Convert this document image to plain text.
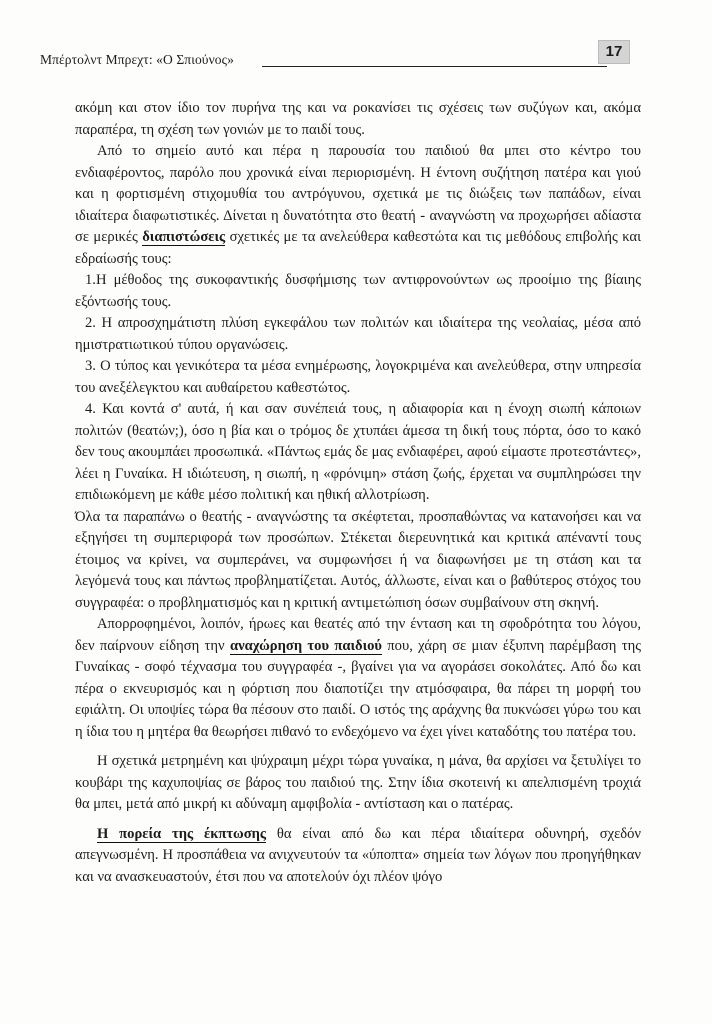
Μπέρτολντ Μπρεχτ: «Ο Σπιούνος»	17

ακόμη και στον ίδιο τον πυρήνα της και να ροκανίσει τις σχέσεις των συζύγων και, ακόμα παραπέρα, τη σχέση των γονιών με το παιδί τους.

Από το σημείο αυτό και πέρα η παρουσία του παιδιού θα μπει στο κέντρο του ενδιαφέροντος, παρόλο που χρονικά είναι περιορισμένη. Η έντονη συζήτηση πατέρα και γιού και η φορτισμένη στιχομυθία του αντρόγυνου, σχετικά με τις διώξεις των παπάδων, είναι ιδιαίτερα διαφωτιστικές. Δίνεται η δυνατότητα στο θεατή - αναγνώστη να προχωρήσει αδίαστα σε μερικές διαπιστώσεις σχετικές με τα ανελεύθερα καθεστώτα και τις μεθόδους επιβολής και εδραίωσής τους:

1.Η μέθοδος της συκοφαντικής δυσφήμισης των αντιφρονούντων ως προοίμιο της βίαιης εξόντωσής τους.

2. Η απροσχημάτιστη πλύση εγκεφάλου των πολιτών και ιδιαίτερα της νεολαίας, μέσα από ημιστρατιωτικού τύπου οργανώσεις.

3. Ο τύπος και γενικότερα τα μέσα ενημέρωσης, λογοκριμένα και ανελεύθερα, στην υπηρεσία του ανεξέλεγκτου και αυθαίρετου καθεστώτος.

4. Και κοντά σ' αυτά, ή και σαν συνέπειά τους, η αδιαφορία και η ένοχη σιωπή κάποιων πολιτών (θεατών;), όσο η βία και ο τρόμος δε χτυπάει άμεσα τη δική τους πόρτα, όσο το κακό δεν τους ακουμπάει προσωπικά. «Πάντως εμάς δε μας ενδιαφέρει, αφού είμαστε προτεστάντες», λέει η Γυναίκα. Η ιδιώτευση, η σιωπή, η «φρόνιμη» στάση ζωής, έρχεται να συμπληρώσει την επιδιωκόμενη με κάθε μέσο πολιτική και ηθική αλλοτρίωση.

Όλα τα παραπάνω ο θεατής - αναγνώστης τα σκέφτεται, προσπαθώντας να κατανοήσει και να εξηγήσει τη συμπεριφορά των προσώπων. Στέκεται διερευνητικά και κριτικά απέναντί τους έτοιμος να κρίνει, να συμπεράνει, να συμφωνήσει ή να διαφωνήσει με τη στάση και τα λεγόμενά τους και πάντως προβληματίζεται. Αυτός, άλλωστε, είναι και ο βαθύτερος στόχος του συγγραφέα: ο προβληματισμός και η κριτική αντιμετώπιση όσων συμβαίνουν στη σκηνή.

Απορροφημένοι, λοιπόν, ήρωες και θεατές από την ένταση και τη σφοδρότητα του λόγου, δεν παίρνουν είδηση την αναχώρηση του παιδιού που, χάρη σε μιαν έξυπνη παρέμβαση της Γυναίκας - σοφό τέχνασμα του συγγραφέα -, βγαίνει για να αγοράσει σοκολάτες. Από δω και πέρα ο εκνευρισμός και η φόρτιση που διαποτίζει την ατμόσφαιρα, θα πάρει τη μορφή του εφιάλτη. Οι υποψίες τώρα θα πέσουν στο παιδί. Ο ιστός της αράχνης θα πυκνώσει γύρω του και η ίδια του η μητέρα θα θεωρήσει πιθανό το ενδεχόμενο να έχει γίνει καταδότης του πατέρα του.

Η σχετικά μετρημένη και ψύχραιμη μέχρι τώρα γυναίκα, η μάνα, θα αρχίσει να ξετυλίγει το κουβάρι της καχυποψίας σε βάρος του παιδιού της. Στην ίδια σκοτεινή κι απελπισμένη τροχιά θα μπει, μετά από μικρή κι αδύναμη αμφιβολία - αντίσταση και ο πατέρας.

Η πορεία της έκπτωσης θα είναι από δω και πέρα ιδιαίτερα οδυνηρή, σχεδόν απεγνωσμένη. Η προσπάθεια να ανιχνευτούν τα «ύποπτα» σημεία των λόγων που προηγήθηκαν και να ανασκευαστούν, έτσι που να αποτελούν όχι πλέον ψόγο
